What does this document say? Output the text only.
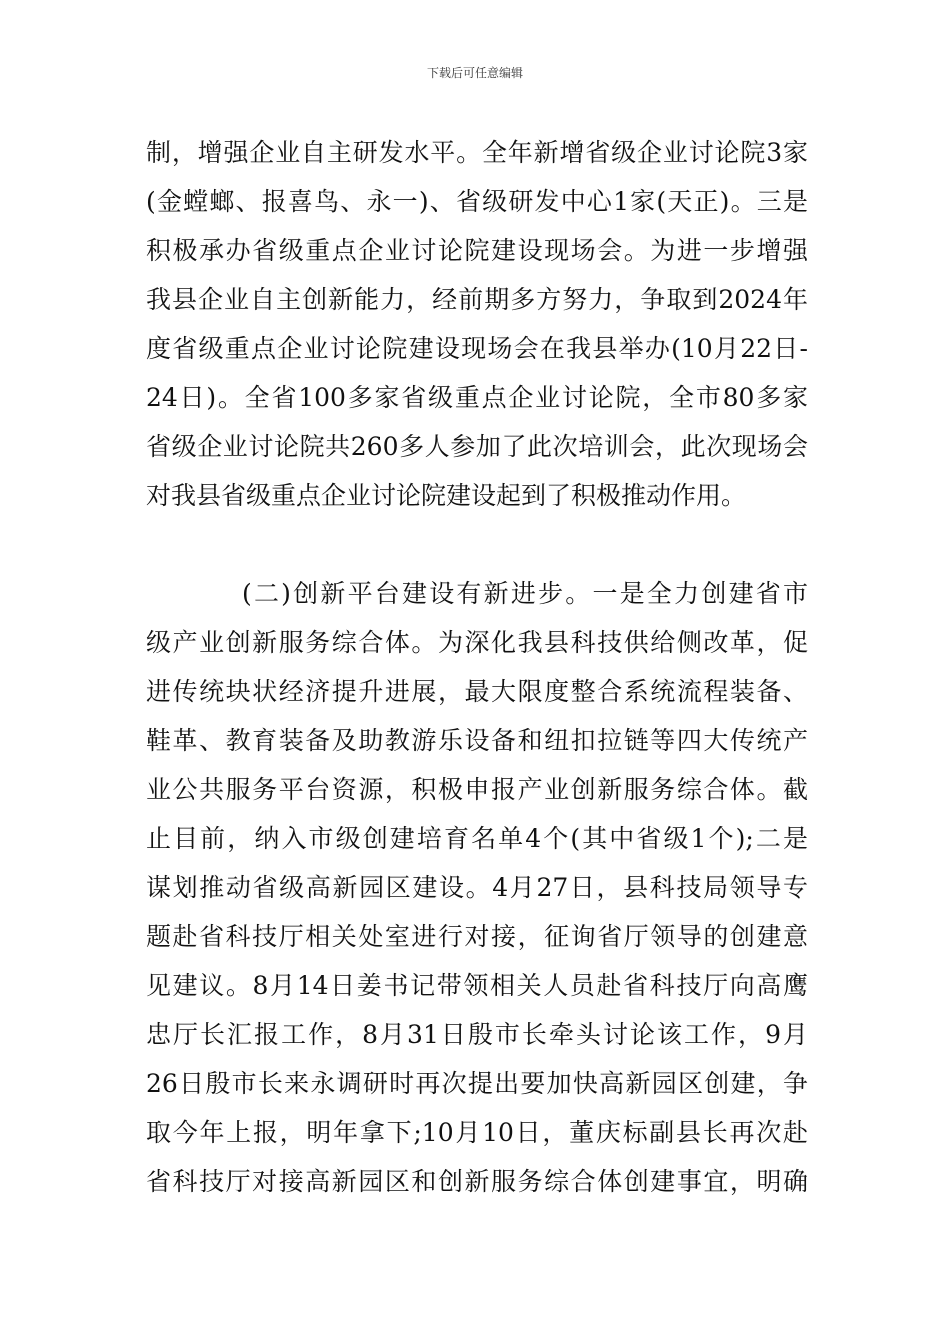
下载后可任意编辑
制，增强企业自主研发水平。全年新增省级企业讨论院3家
(金螳螂、报喜鸟、永一)、省级研发中心1家(天正)。三是
积极承办省级重点企业讨论院建设现场会。为进一步增强
我县企业自主创新能力，经前期多方努力，争取到2024年
度省级重点企业讨论院建设现场会在我县举办(10月22日-
24日)。全省100多家省级重点企业讨论院，全市80多家
省级企业讨论院共260多人参加了此次培训会，此次现场会
对我县省级重点企业讨论院建设起到了积极推动作用。
(二)创新平台建设有新进步。一是全力创建省市
级产业创新服务综合体。为深化我县科技供给侧改革，促
进传统块状经济提升进展，最大限度整合系统流程装备、
鞋革、教育装备及助教游乐设备和纽扣拉链等四大传统产
业公共服务平台资源，积极申报产业创新服务综合体。截
止目前，纳入市级创建培育名单4个(其中省级1个);二是
谋划推动省级高新园区建设。4月27日，县科技局领导专
题赴省科技厅相关处室进行对接，征询省厅领导的创建意
见建议。8月14日姜书记带领相关人员赴省科技厅向高鹰
忠厅长汇报工作，8月31日殷市长牵头讨论该工作，9月
26日殷市长来永调研时再次提出要加快高新园区创建，争
取今年上报，明年拿下;10月10日，董庆标副县长再次赴
省科技厅对接高新园区和创新服务综合体创建事宜，明确
